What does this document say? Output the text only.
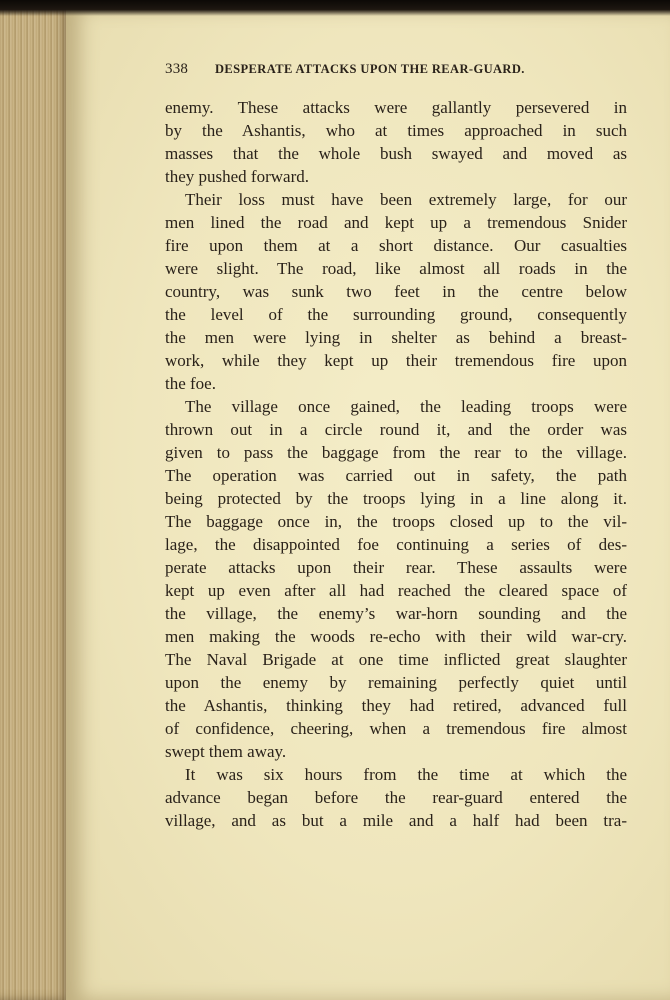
338 DESPERATE ATTACKS UPON THE REAR-GUARD.
enemy. These attacks were gallantly persevered in
by the Ashantis, who at times approached in such
masses that the whole bush swayed and moved as
they pushed forward.
Their loss must have been extremely large, for our
men lined the road and kept up a tremendous Snider
fire upon them at a short distance. Our casualties
were slight. The road, like almost all roads in the
country, was sunk two feet in the centre below
the level of the surrounding ground, consequently
the men were lying in shelter as behind a breast-
work, while they kept up their tremendous fire upon
the foe.
The village once gained, the leading troops were
thrown out in a circle round it, and the order was
given to pass the baggage from the rear to the village.
The operation was carried out in safety, the path
being protected by the troops lying in a line along it.
The baggage once in, the troops closed up to the vil-
lage, the disappointed foe continuing a series of des-
perate attacks upon their rear. These assaults were
kept up even after all had reached the cleared space of
the village, the enemy’s war-horn sounding and the
men making the woods re-echo with their wild war-cry.
The Naval Brigade at one time inflicted great slaughter
upon the enemy by remaining perfectly quiet until
the Ashantis, thinking they had retired, advanced full
of confidence, cheering, when a tremendous fire almost
swept them away.
It was six hours from the time at which the
advance began before the rear-guard entered the
village, and as but a mile and a half had been tra-
